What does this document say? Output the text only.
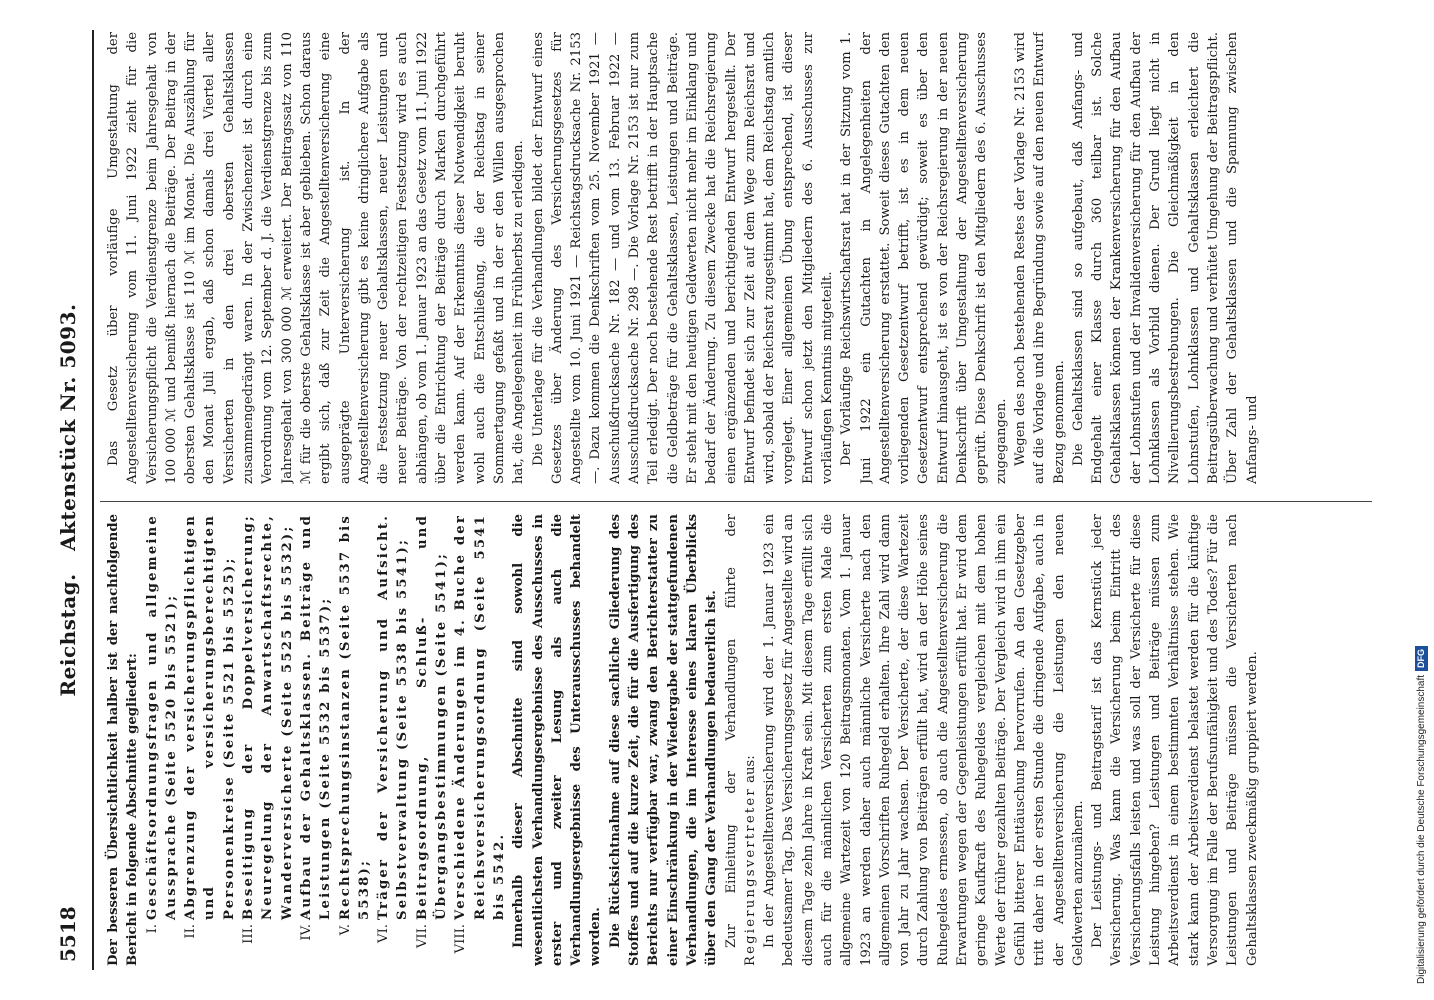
5518
Reichstag.   Aktenstück Nr. 5093.

Der besseren Übersichtlichkeit halber ist der nachfolgende Bericht in folgende Abschnitte gegliedert: I.
Geschäftsordnungsfragen und allgemeine Aussprache (Seite 5520 bis 5521);
II.
Abgrenzung der versicherungspflichtigen und versicherungsberechtigten Personenkreise (Seite 5521 bis 5525);
III.
Beseitigung der Doppelversicherung; Neuregelung der Anwartschaftsrechte, Wanderversicherte (Seite 5525 bis 5532);
IV.
Aufbau der Gehaltsklassen. Beiträge und Leistungen (Seite 5532 bis 5537);
V.
Rechtsprechungsinstanzen (Seite 5537 bis 5538);
VI.
Träger der Versicherung und Aufsicht. Selbstverwaltung (Seite 5538 bis 5541);
VII.
Beitragsordnung, Schluß- und Übergangsbestimmungen (Seite 5541);
VIII.
Verschiedene Änderungen im 4. Buche der Reichsversicherungsordnung (Seite 5541 bis 5542. Innerhalb dieser Abschnitte sind sowohl die wesentlichsten Verhandlungsergebnisse des Ausschusses in erster und zweiter Lesung als auch die Verhandlungsergebnisse des Unterausschusses behandelt worden. Die Rücksichtnahme auf diese sachliche Gliederung des Stoffes und auf die kurze Zeit, die für die Ausfertigung des Berichts nur verfügbar war, zwang den Berichterstatter zu einer Einschränkung in der Wiedergabe der stattgefundenen Verhandlungen, die im Interesse eines klaren Überblicks über den Gang der Verhandlungen bedauerlich ist. Zur Einleitung der Verhandlungen führte der Regierungsvertreter aus: In der Angestelltenversicherung wird der 1. Januar 1923 ein bedeutsamer Tag. Das Versicherungsgesetz für Angestellte wird an diesem Tage zehn Jahre in Kraft sein. Mit diesem Tage erfüllt sich auch für die männlichen Versicherten zum ersten Male die allgemeine Wartezeit von 120 Beitragsmonaten. Vom 1. Januar 1923 an werden daher auch männliche Versicherte nach den allgemeinen Vorschriften Ruhegeld erhalten. Ihre Zahl wird dann von Jahr zu Jahr wachsen. Der Versicherte, der diese Wartezeit durch Zahlung von Beiträgen erfüllt hat, wird an der Höhe seines Ruhegeldes ermessen, ob auch die Angestelltenversicherung die Erwartungen wegen der Gegenleistungen erfüllt hat. Er wird dem geringe Kaufkraft des Ruhegeldes vergleichen mit dem hohen Werte der früher gezahlten Beiträge. Der Vergleich wird in ihm ein Gefühl bitterer Enttäuschung hervorrufen. An den Gesetzgeber tritt daher in der ersten Stunde die dringende Aufgabe, auch in der Angestelltenversicherung die Leistungen den neuen Geldwerten anzunähern. Der Leistungs- und Beitragstarif ist das Kernstück jeder Versicherung. Was kann die Versicherung beim Eintritt des Versicherungsfalls leisten und was soll der Versicherte für diese Leistung hingeben? Leistungen und Beiträge müssen zum Arbeitsverdienst in einem bestimmten Verhältnisse stehen. Wie stark kann der Arbeitsverdienst belastet werden für die künftige Versorgung im Falle der Berufsunfähigkeit und des Todes? Für die Leistungen und Beiträge müssen die Versicherten nach Gehaltsklassen zweckmäßig gruppiert werden.

Das Gesetz über vorläufige Umgestaltung der Angestelltenversicherung vom 11. Juni 1922 zieht für die Versicherungspflicht die Verdienstgrenze beim Jahresgehalt von 100 000 ℳ und bemißt hiernach die Beiträge. Der Beitrag in der obersten Gehaltsklasse ist 110 ℳ im Monat. Die Auszählung für den Monat Juli ergab, daß schon damals drei Viertel aller Versicherten in den drei obersten Gehaltsklassen zusammengedrängt waren. In der Zwischenzeit ist durch eine Verordnung vom 12. September d. J. die Verdienstgrenze bis zum Jahresgehalt von 300 000 ℳ erweitert. Der Beitragssatz von 110 ℳ für die oberste Gehaltsklasse ist aber geblieben. Schon daraus ergibt sich, daß zur Zeit die Angestelltenversicherung eine ausgeprägte Unterversicherung ist. In der Angestelltenversicherung gibt es keine dringlichere Aufgabe als die Festsetzung neuer Gehaltsklassen, neuer Leistungen und neuer Beiträge. Von der rechtzeitigen Festsetzung wird es auch abhängen, ob vom 1. Januar 1923 an das Gesetz vom 11. Juni 1922 über die Entrichtung der Beiträge durch Marken durchgeführt werden kann. Auf der Erkenntnis dieser Notwendigkeit beruht wohl auch die Entschließung, die der Reichstag in seiner Sommertagung gefaßt und in der er den Willen ausgesprochen hat, die Angelegenheit im Frühherbst zu erledigen. Die Unterlage für die Verhandlungen bildet der Entwurf eines Gesetzes über Änderung des Versicherungsgesetzes für Angestellte vom 10. Juni 1921 — Reichstagsdrucksache Nr. 2153 —. Dazu kommen die Denkschriften vom 25. November 1921 — Ausschußdrucksache Nr. 182 — und vom 13. Februar 1922 — Ausschußdrucksache Nr. 298 —. Die Vorlage Nr. 2153 ist nur zum Teil erledigt. Der noch bestehende Rest betrifft in der Hauptsache die Geldbeträge für die Gehaltsklassen, Leistungen und Beiträge. Er steht mit den heutigen Geldwerten nicht mehr im Einklang und bedarf der Änderung. Zu diesem Zwecke hat die Reichsregierung einen ergänzenden und berichtigenden Entwurf hergestellt. Der Entwurf befindet sich zur Zeit auf dem Wege zum Reichsrat und wird, sobald der Reichsrat zugestimmt hat, dem Reichstag amtlich vorgelegt. Einer allgemeinen Übung entsprechend, ist dieser Entwurf schon jetzt den Mitgliedern des 6. Ausschusses zur vorläufigen Kenntnis mitgeteilt. Der Vorläufige Reichswirtschaftsrat hat in der Sitzung vom 1. Juni 1922 ein Gutachten in Angelegenheiten der Angestelltenversicherung erstattet. Soweit dieses Gutachten den vorliegenden Gesetzentwurf betrifft, ist es in dem neuen Gesetzentwurf entsprechend gewürdigt; soweit es über den Entwurf hinausgeht, ist es von der Reichsregierung in der neuen Denkschrift über Umgestaltung der Angestelltenversicherung geprüft. Diese Denkschrift ist den Mitgliedern des 6. Ausschusses zugegangen. Wegen des noch bestehenden Restes der Vorlage Nr. 2153 wird auf die Vorlage und ihre Begründung sowie auf den neuen Entwurf Bezug genommen. Die Gehaltsklassen sind so aufgebaut, daß Anfangs- und Endgehalt einer Klasse durch 360 teilbar ist. Solche Gehaltsklassen können der Krankenversicherung für den Aufbau der Lohnstufen und der Invalidenversicherung für den Aufbau der Lohnklassen als Vorbild dienen. Der Grund liegt nicht in Nivellierungsbestrebungen. Die Gleichmäßigkeit in den Lohnstufen, Lohnklassen und Gehaltsklassen erleichtert die Beitragsüberwachung und verhütet Umgehung der Beitragspflicht. Über Zahl der Gehaltsklassen und die Spannung zwischen Anfangs- und

Digitalisierung gefördert durch die Deutsche ForschungsgemeinschaftDFG
